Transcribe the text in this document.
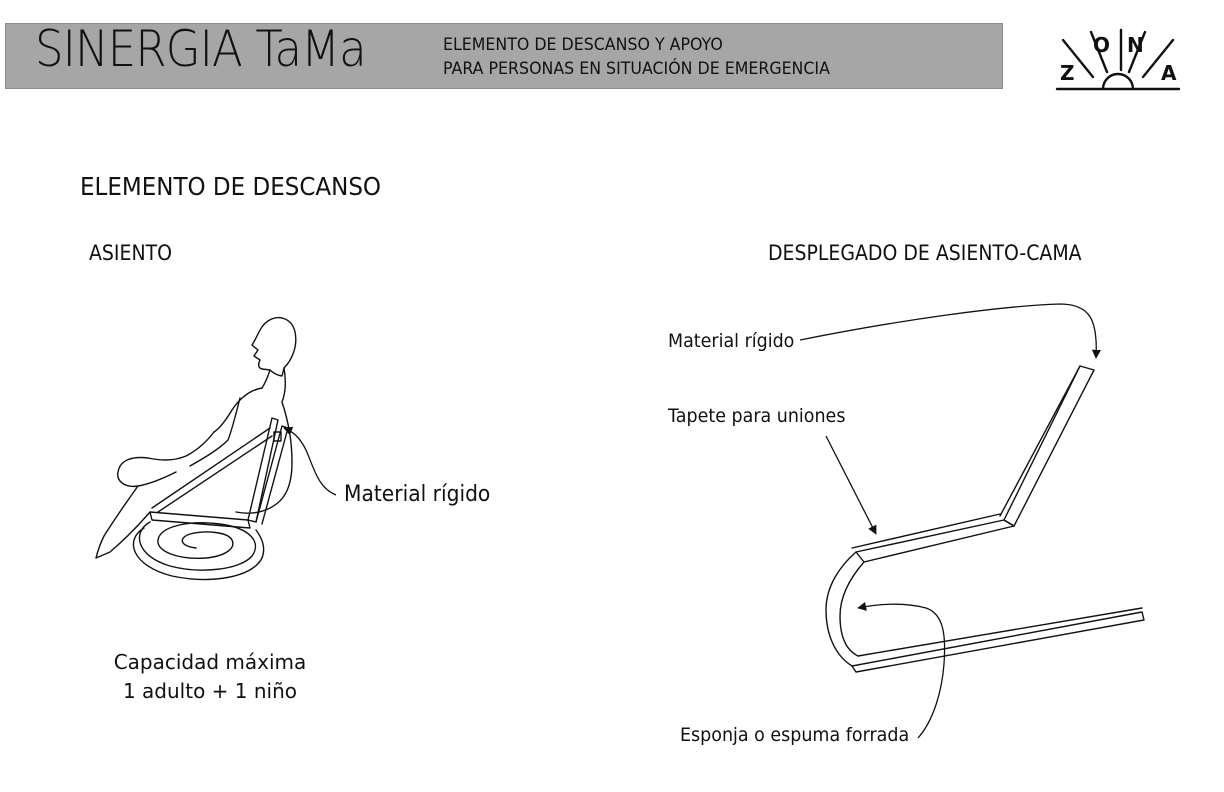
SINERGIA TaMa	ELEMENTO DE DESCANSO Y APOYO
PARA PERSONAS EN SITUACIÓN DE EMERGENCIA	Z
O N
A
ELEMENTO DE DESCANSO
ASIENTO	DESPLEGADO DE ASIENTO-CAMA
Material rígido
Material rígido
Tapete para uniones
Esponja o espuma forrada
Capacidad máxima
1 adulto + 1 niño
